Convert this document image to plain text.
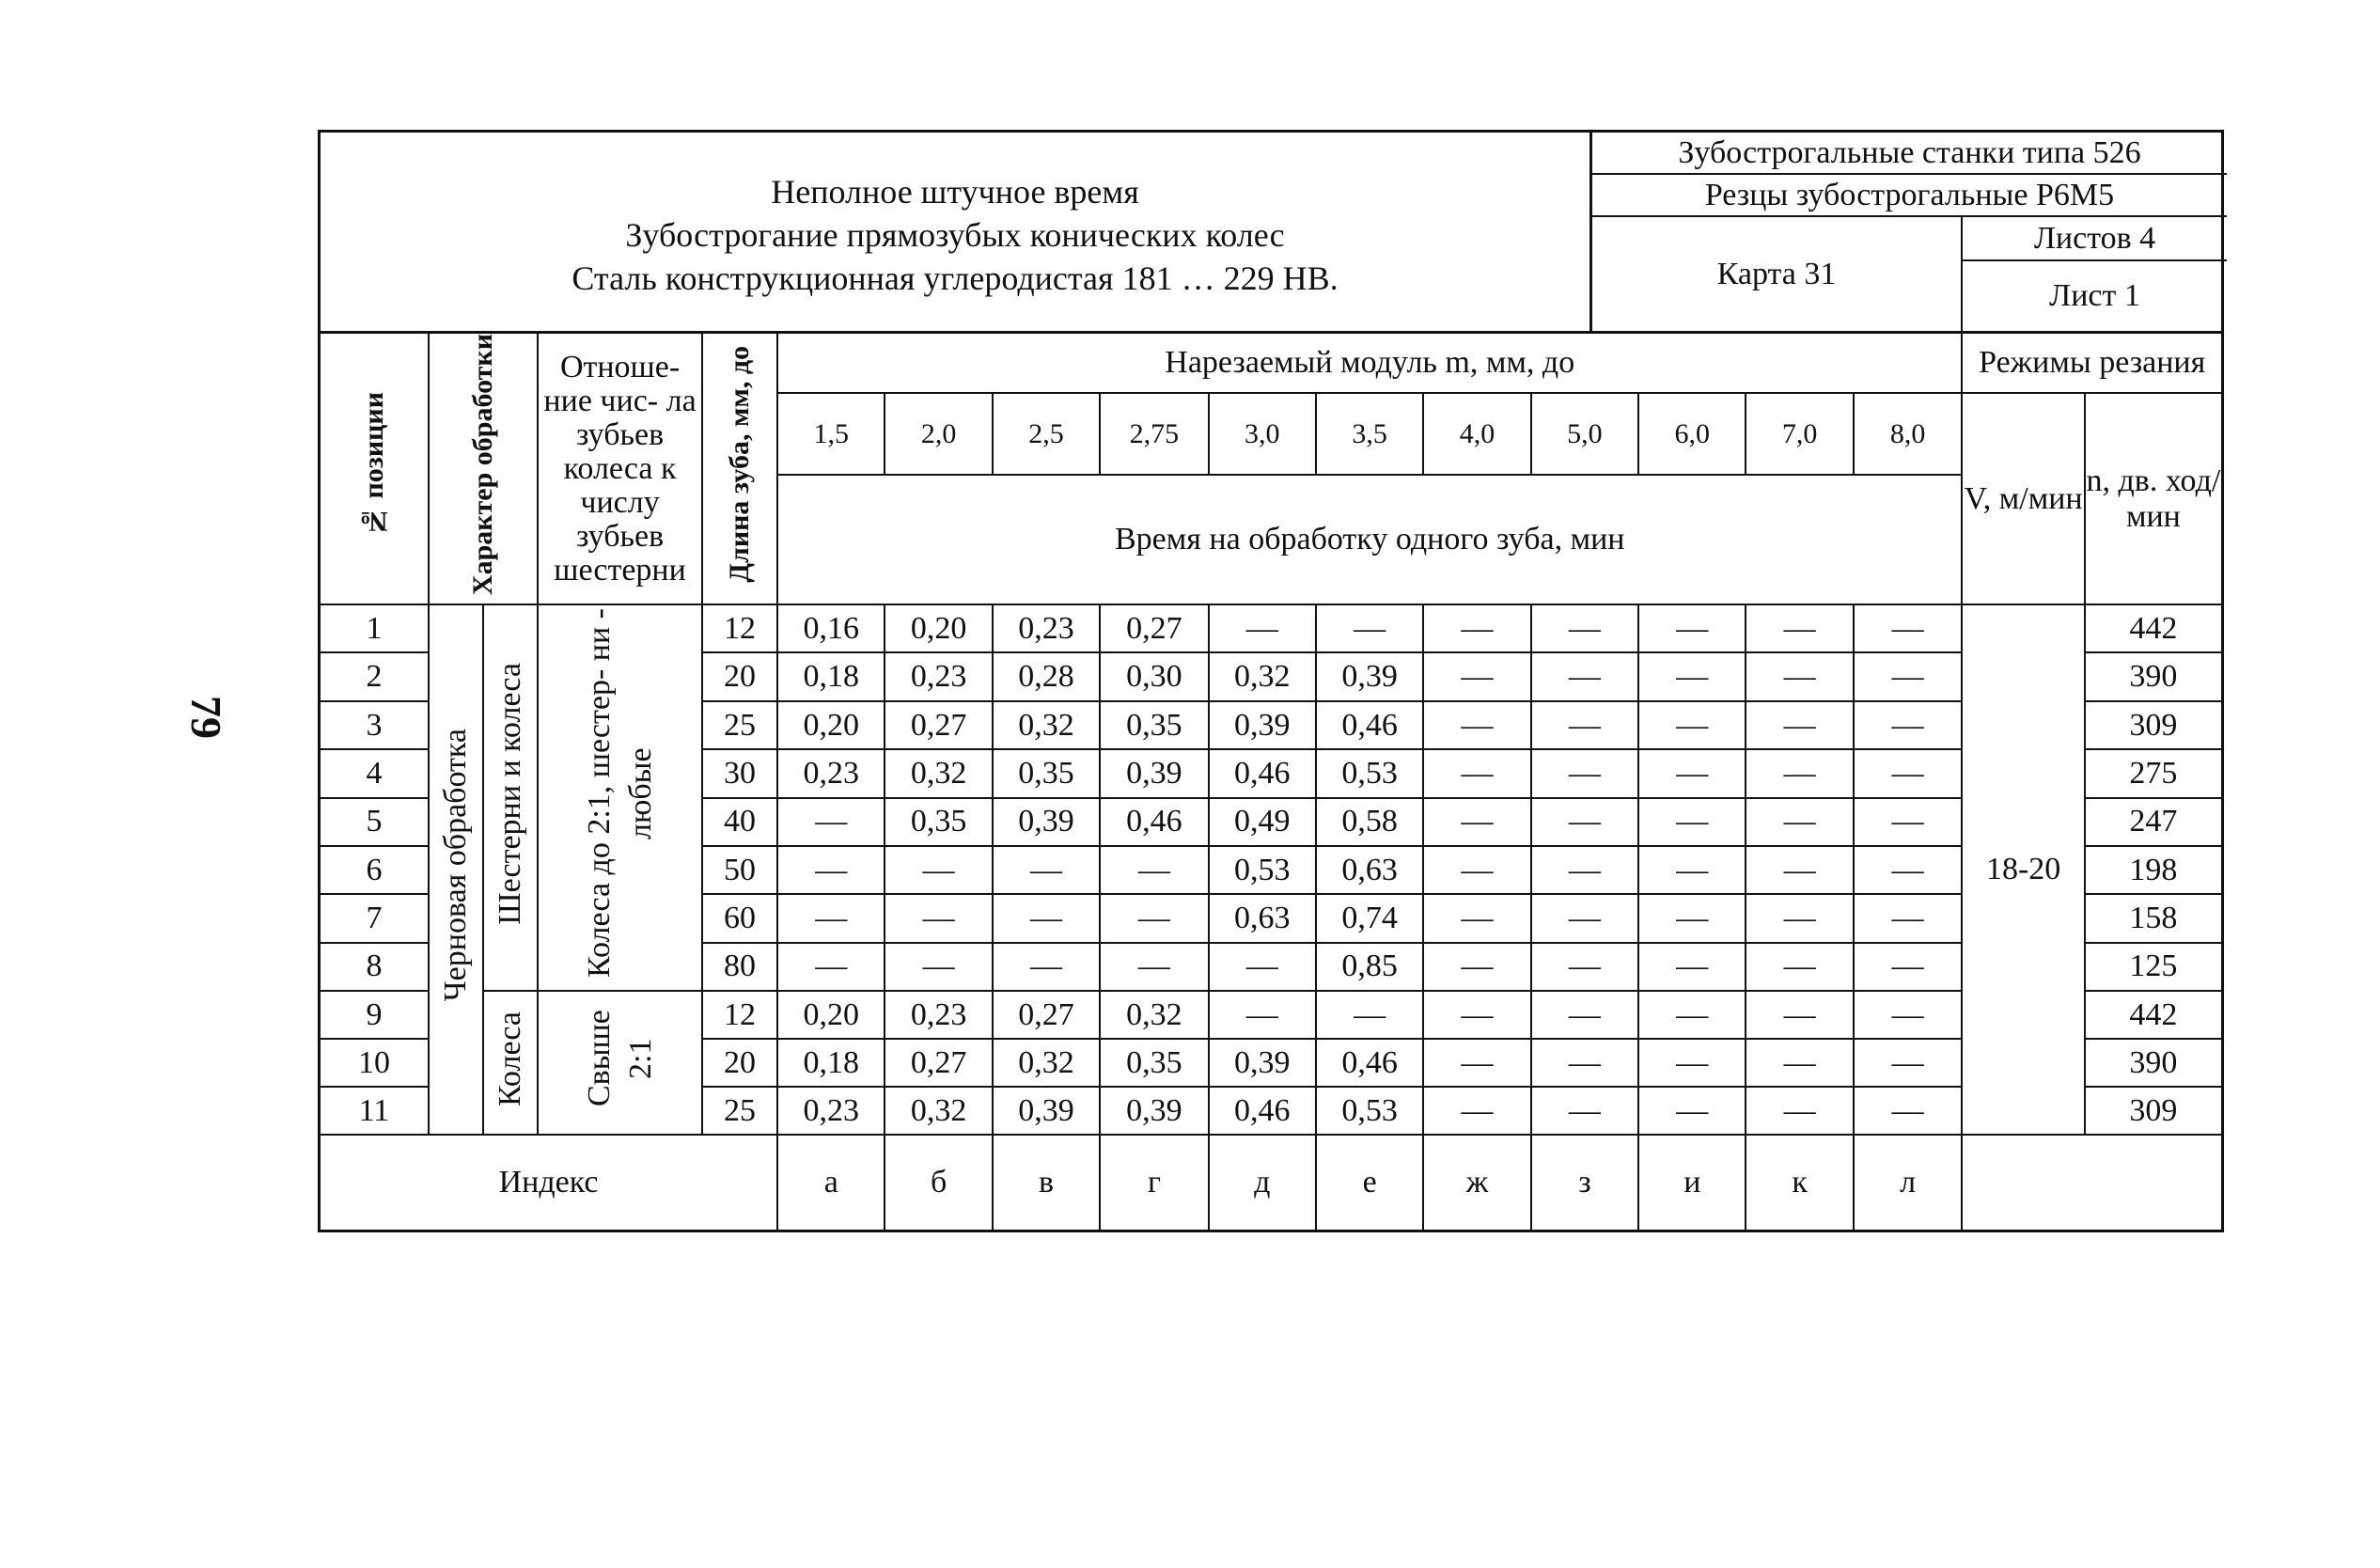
79
Неполное штучное время
Зубострогание прямозубых конических колес
Сталь конструкционная углеродистая 181 … 229 НВ.
Зубострогальные станки типа 526
Резцы зубострогальные Р6М5
Карта 31
Листов 4
Лист 1
№ позиции	Характер обработки		Отноше- ние чис- ла зубьев колеса к числу зубьев шестерни	Длина зуба, мм, до	Нарезаемый модуль m, мм, до											Режимы резания	
					1,5	2,0	2,5	2,75	3,0	3,5	4,0	5,0	6,0	7,0	8,0	V, м/мин	n, дв. ход/мин
					Время на обработку одного зуба, мин												
1	Черновая обработка	Шестерни и колеса	Колеса до 2:1, шестер- ни - любые	12	0,16	0,20	0,23	0,27	—	—	—	—	—	—	—	18-20	442
2				20	0,18	0,23	0,28	0,30	0,32	0,39	—	—	—	—	—		390
3				25	0,20	0,27	0,32	0,35	0,39	0,46	—	—	—	—	—		309
4				30	0,23	0,32	0,35	0,39	0,46	0,53	—	—	—	—	—		275
5				40	—	0,35	0,39	0,46	0,49	0,58	—	—	—	—	—		247
6				50	—	—	—	—	0,53	0,63	—	—	—	—	—		198
7				60	—	—	—	—	0,63	0,74	—	—	—	—	—		158
8				80	—	—	—	—	—	0,85	—	—	—	—	—		125
9		Колеса	Свыше 2:1	12	0,20	0,23	0,27	0,32	—	—	—	—	—	—	—		442
10				20	0,18	0,27	0,32	0,35	0,39	0,46	—	—	—	—	—		390
11				25	0,23	0,32	0,39	0,39	0,46	0,53	—	—	—	—	—		309
Индекс					а	б	в	г	д	е	ж	з	и	к	л		
